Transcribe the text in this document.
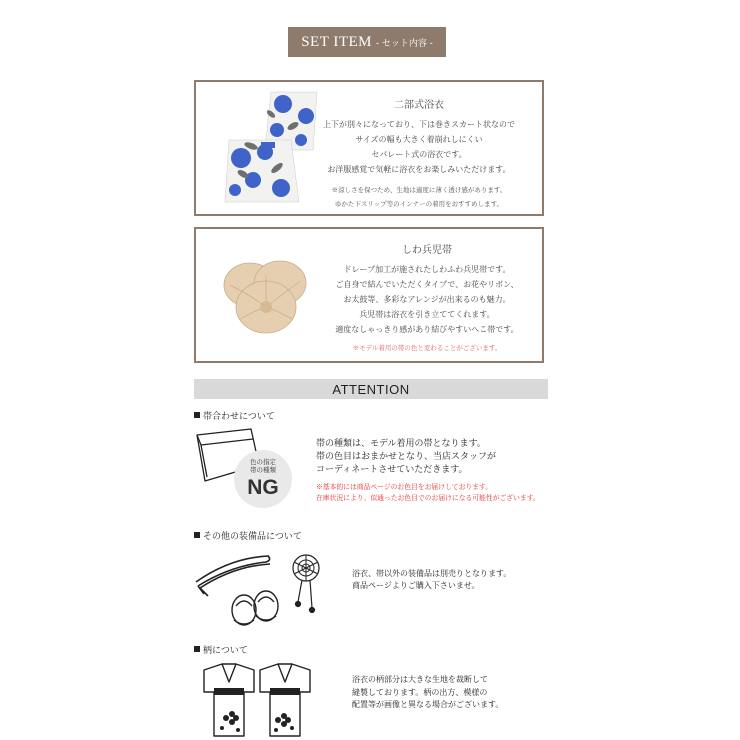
SET ITEM - セット内容 -
二部式浴衣
上下が別々になっており、下は巻きスカート状なので
サイズの幅も大きく着崩れしにくい
セパレート式の浴衣です。
お洋服感覚で気軽に浴衣をお楽しみいただけます。
※涼しさを保つため、生地は適度に薄く透け感があります。
ゆかた下スリップ等のインナーの着用をおすすめします。
しわ兵児帯
ドレープ加工が施されたしわふわ兵児帯です。
ご自身で結んでいただくタイプで、お花やリボン、
お太鼓等、多彩なアレンジが出来るのも魅力。
兵児帯は浴衣を引き立ててくれます。
適度なしゃっきり感があり結びやすいへこ帯です。
※モデル着用の帯の色と変わることがございます。
ATTENTION
帯合わせについて
色の指定
帯の種類
NG
帯の種類は、モデル着用の帯となります。
帯の色目はおまかせとなり、当店スタッフが
コーディネートさせていただきます。
※基本的には商品ページのお色目をお届けしております。
在庫状況により、似通ったお色目でのお届けになる可能性がございます。
その他の装備品について
浴衣、帯以外の装備品は別売りとなります。
商品ページよりご購入下さいませ。
柄について
浴衣の柄部分は大きな生地を裁断して
縫製しております。柄の出方、模様の
配置等が画像と異なる場合がございます。
